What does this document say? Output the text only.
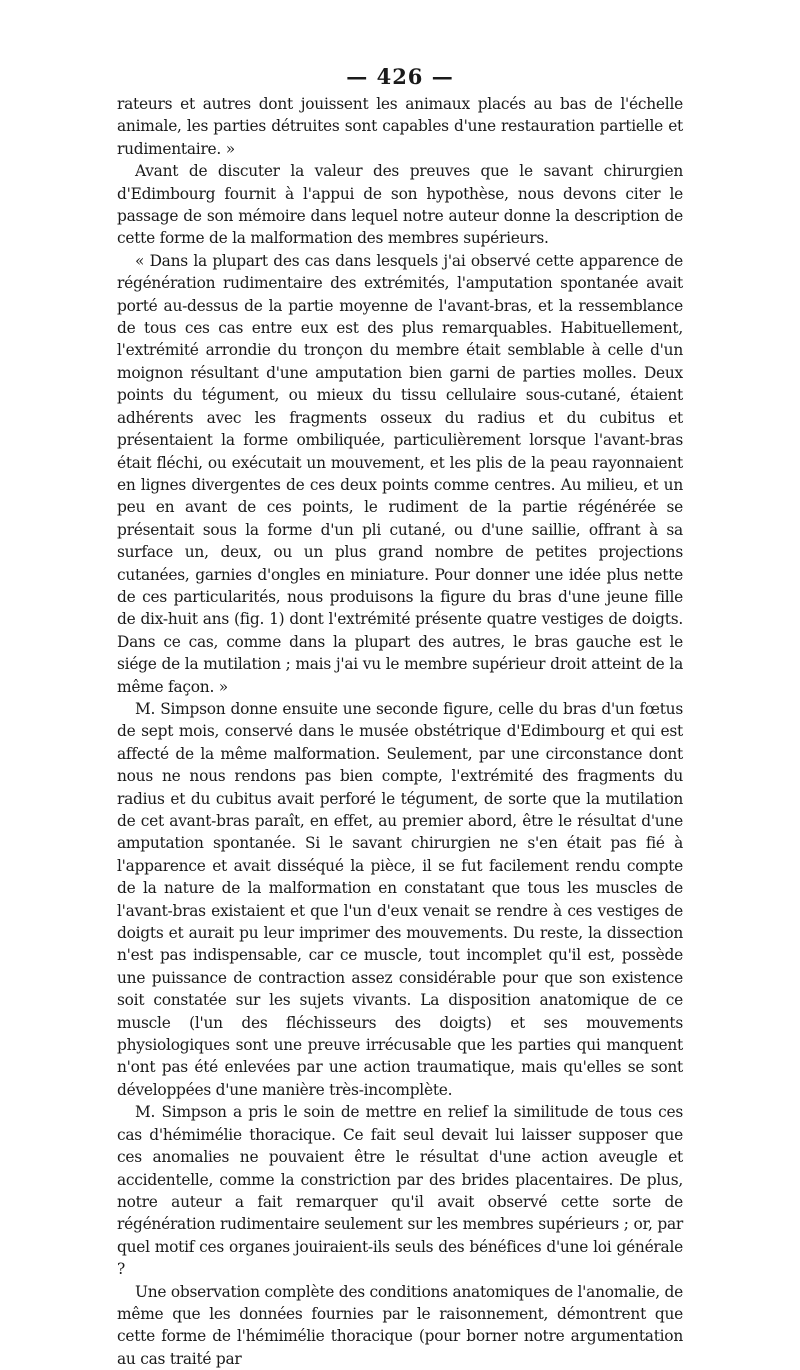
— 426 —

rateurs et autres dont jouissent les animaux placés au bas de l'échelle animale, les parties détruites sont capables d'une restauration partielle et rudimentaire. »

Avant de discuter la valeur des preuves que le savant chirurgien d'Edimbourg fournit à l'appui de son hypothèse, nous devons citer le passage de son mémoire dans lequel notre auteur donne la description de cette forme de la malformation des membres supérieurs.

« Dans la plupart des cas dans lesquels j'ai observé cette apparence de régénération rudimentaire des extrémités, l'amputation spontanée avait porté au-dessus de la partie moyenne de l'avant-bras, et la ressemblance de tous ces cas entre eux est des plus remarquables. Habituellement, l'extrémité arrondie du tronçon du membre était semblable à celle d'un moignon résultant d'une amputation bien garni de parties molles. Deux points du tégument, ou mieux du tissu cellulaire sous-cutané, étaient adhérents avec les fragments osseux du radius et du cubitus et présentaient la forme ombiliquée, particulièrement lorsque l'avant-bras était fléchi, ou exécutait un mouvement, et les plis de la peau rayonnaient en lignes divergentes de ces deux points comme centres. Au milieu, et un peu en avant de ces points, le rudiment de la partie régénérée se présentait sous la forme d'un pli cutané, ou d'une saillie, offrant à sa surface un, deux, ou un plus grand nombre de petites projections cutanées, garnies d'ongles en miniature. Pour donner une idée plus nette de ces particularités, nous produisons la figure du bras d'une jeune fille de dix-huit ans (fig. 1) dont l'extrémité présente quatre vestiges de doigts. Dans ce cas, comme dans la plupart des autres, le bras gauche est le siége de la mutilation ; mais j'ai vu le membre supérieur droit atteint de la même façon. »

M. Simpson donne ensuite une seconde figure, celle du bras d'un fœtus de sept mois, conservé dans le musée obstétrique d'Edimbourg et qui est affecté de la même malformation. Seulement, par une circonstance dont nous ne nous rendons pas bien compte, l'extrémité des fragments du radius et du cubitus avait perforé le tégument, de sorte que la mutilation de cet avant-bras paraît, en effet, au premier abord, être le résultat d'une amputation spontanée. Si le savant chirurgien ne s'en était pas fié à l'apparence et avait disséqué la pièce, il se fut facilement rendu compte de la nature de la malformation en constatant que tous les muscles de l'avant-bras existaient et que l'un d'eux venait se rendre à ces vestiges de doigts et aurait pu leur imprimer des mouvements. Du reste, la dissection n'est pas indispensable, car ce muscle, tout incomplet qu'il est, possède une puissance de contraction assez considérable pour que son existence soit constatée sur les sujets vivants. La disposition anatomique de ce muscle (l'un des fléchisseurs des doigts) et ses mouvements physiologiques sont une preuve irrécusable que les parties qui manquent n'ont pas été enlevées par une action traumatique, mais qu'elles se sont développées d'une manière très-incomplète.

M. Simpson a pris le soin de mettre en relief la similitude de tous ces cas d'hémimélie thoracique. Ce fait seul devait lui laisser supposer que ces anomalies ne pouvaient être le résultat d'une action aveugle et accidentelle, comme la constriction par des brides placentaires. De plus, notre auteur a fait remarquer qu'il avait observé cette sorte de régénération rudimentaire seulement sur les membres supérieurs ; or, par quel motif ces organes jouiraient-ils seuls des bénéfices d'une loi générale ?

Une observation complète des conditions anatomiques de l'anomalie, de même que les données fournies par le raisonnement, démontrent que cette forme de l'hémimélie thoracique (pour borner notre argumentation au cas traité par
